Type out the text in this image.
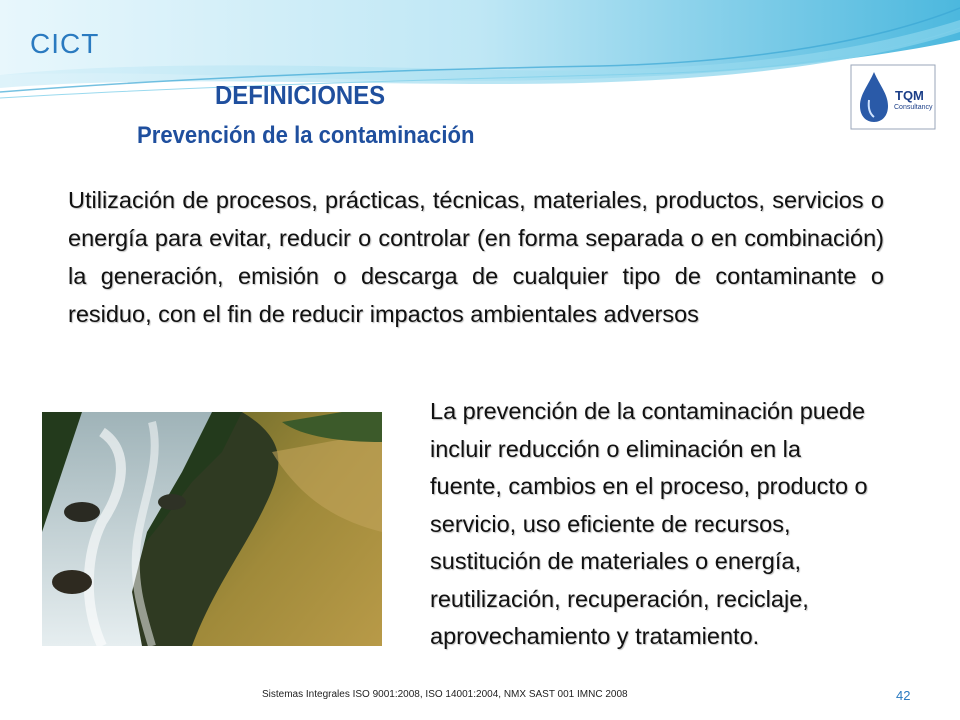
CICT
TQM
Consultancy
DEFINICIONES
Prevención de la contaminación
Utilización de procesos, prácticas, técnicas, materiales, productos, servicios o energía para evitar, reducir o controlar (en forma separada o en combinación) la generación, emisión o descarga de cualquier tipo de contaminante o residuo, con el fin de reducir impactos ambientales adversos
La prevención de la contaminación puede
incluir reducción o eliminación en la
fuente, cambios en el proceso, producto o
servicio, uso eficiente de recursos,
sustitución de materiales o energía,
reutilización, recuperación, reciclaje,
aprovechamiento y tratamiento.
Sistemas Integrales ISO 9001:2008, ISO 14001:2004, NMX SAST 001 IMNC 2008	42
